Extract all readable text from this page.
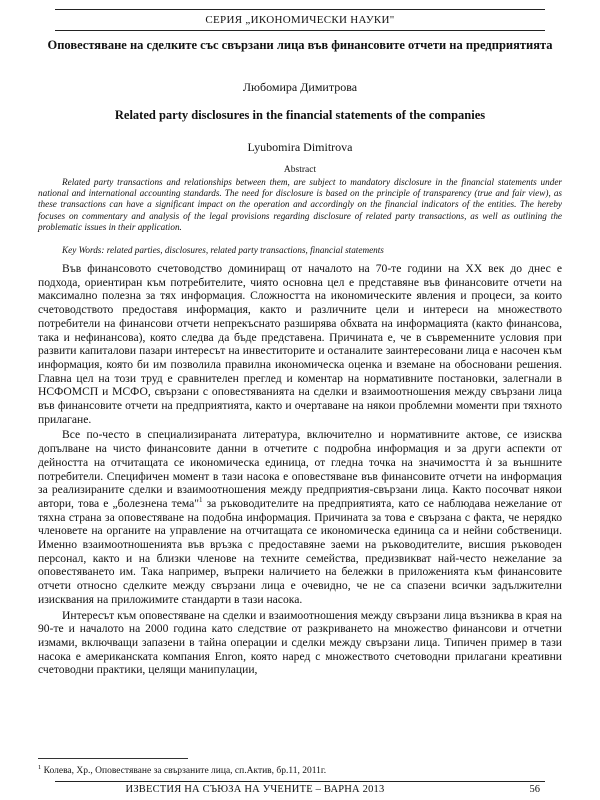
СЕРИЯ „ИКОНОМИЧЕСКИ НАУКИ"
Оповестяване на сделките със свързани лица във финансовите отчети на предприятията
Любомира Димитрова
Related party disclosures in the financial statements of the companies
Lyubomira Dimitrova
Abstract
Related party transactions and relationships between them, are subject to mandatory disclosure in the financial statements under national and international accounting standards. The need for disclosure is based on the principle of transparency (true and fair view), as these transactions can have a significant impact on the operation and accordingly on the financial indicators of the entities. The hereby focuses on commentary and analysis of the legal provisions regarding disclosure of related party transactions, as well as outlining the problematic issues in their application.
Key Words: related parties, disclosures, related party transactions, financial statements

Във финансовото счетоводство доминиращ от началото на 70-те години на ХХ век до днес е подхода, ориентиран към потребителите, чиято основна цел е представяне във финансовите отчети на максимално полезна за тях информация. Сложността на икономическите явления и процеси, за които счетоводството предоставя информация, както и различните цели и интереси на множеството потребители на финансови отчети непрекъснато разширява обхвата на информацията (както финансова, така и нефинансова), която следва да бъде представена. Причината е, че в съвременните условия при развити капиталови пазари интересът на инвеститорите и останалите заинтересовани лица е насочен към информация, която би им позволила правилна икономическа оценка и вземане на обосновани решения. Главна цел на този труд е сравнителен преглед и коментар на нормативните постановки, залегнали в НСФОМСП и МСФО, свързани с оповестяванията на сделки и взаимоотношения между свързани лица във финансовите отчети на предприятията, както и очертаване на някои проблемни моменти при тяхното прилагане.

Все по-често в специализираната литература, включително и нормативните актове, се изисква допълване на чисто финансовите данни в отчетите с подробна информация и за други аспекти от дейността на отчитащата се икономическа единица, от гледна точка на значимостта ѝ за външните потребители. Специфичен момент в тази насока е оповестяване във финансовите отчети на информация за реализираните сделки и взаимоотношения между предприятия-свързани лица. Както посочват някои автори, това е „болезнена тема"$^1$ за ръководителите на предприятията, като се наблюдава нежелание от тяхна страна за оповестяване на подобна информация. Причината за това е свързана с факта, че нерядко членовете на органите на управление на отчитащата се икономическа единица са и нейни собственици. Именно взаимоотношенията във връзка с предоставяне заеми на ръководителите, висшия ръководен персонал, както и на близки членове на техните семейства, предизвикват най-често нежелание за оповестяването им. Така например, въпреки наличието на бележки в приложенията към финансовите отчети относно сделките между свързани лица е очевидно, че не са спазени всички задължителни изисквания на приложимите стандарти в тази насока.

Интересът към оповестяване на сделки и взаимоотношения между свързани лица възниква в края на 90-те и началото на 2000 година като следствие от разкриването на множество финансови и отчетни измами, включващи запазени в тайна операции и сделки между свързани лица. Типичен пример в тази насока е американската компания Enron, която наред с множеството счетоводни прилагани креативни счетоводни практики, целящи манипулации,

$^1$ Колева, Хр., Оповестяване за свързаните лица, сп.Актив, бр.11, 2011г.
ИЗВЕСТИЯ НА СЪЮЗА НА УЧЕНИТЕ – ВАРНА 2013	56
